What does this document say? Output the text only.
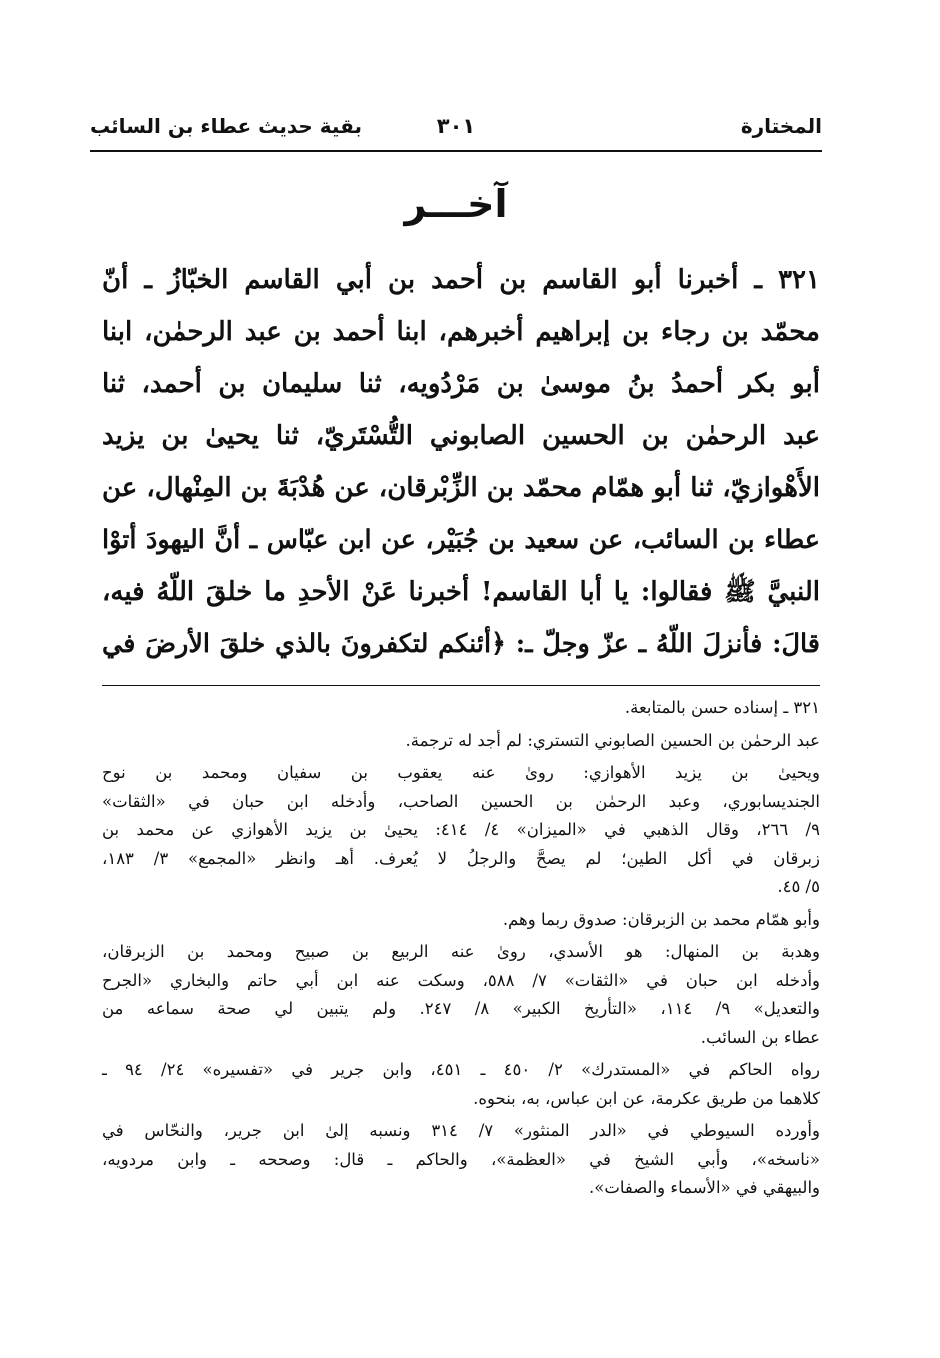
المختارة
٣٠١
بقية حديث عطاء بن السائب
آخـــر
٣٢١ ـ أخبرنا أبو القاسم بن أحمد بن أبي القاسم الخبّازُ ـ أنّ
محمّد بن رجاء بن إبراهيم أخبرهم، ابنا أحمد بن عبد الرحمٰن، ابنا
أبو بكر أحمدُ بنُ موسىٰ بن مَرْدُويه، ثنا سليمان بن أحمد، ثنا
عبد الرحمٰن بن الحسين الصابوني التُّسْتَريّ، ثنا يحيىٰ بن يزيد
الأَهْوازيّ، ثنا أبو همّام محمّد بن الزِّبْرقان، عن هُدْبَةَ بن المِنْهال، عن
عطاء بن السائب، عن سعيد بن جُبَيْر، عن ابن عبّاس ـ أنَّ اليهودَ أتوْا
النبيَّ ﷺ فقالوا: يا أبا القاسم! أخبرنا عَنْ الأحدِ ما خلقَ اللّهُ فيه،
قالَ: فأنزلَ اللّهُ ـ عزّ وجلّ ـ: ﴿أئنكم لتكفرونَ بالذي خلقَ الأرضَ في
٣٢١ ـ إسناده حسن بالمتابعة.
عبد الرحمٰن بن الحسين الصابوني التستري: لم أجد له ترجمة.
ويحيىٰ بن يزيد الأهوازي: روىٰ عنه يعقوب بن سفيان ومحمد بن نوح
الجنديسابوري، وعبد الرحمٰن بن الحسين الصاحب، وأدخله ابن حبان في «الثقات»
٩/ ٢٦٦، وقال الذهبي في «الميزان» ٤/ ٤١٤: يحيىٰ بن يزيد الأهوازي عن محمد بن
زبرقان في أكل الطين؛ لم يصحَّ والرجلُ لا يُعرف. أهـ وانظر «المجمع» ٣/ ١٨٣،
٥/ ٤٥.
وأبو همّام محمد بن الزبرقان: صدوق ربما وهم.
وهدبة بن المنهال: هو الأسدي، روىٰ عنه الربيع بن صبيح ومحمد بن الزبرقان،
وأدخله ابن حبان في «الثقات» ٧/ ٥٨٨، وسكت عنه ابن أبي حاتم والبخاري «الجرح
والتعديل» ٩/ ١١٤، «التأريخ الكبير» ٨/ ٢٤٧. ولم يتبين لي صحة سماعه من
عطاء بن السائب.
رواه الحاكم في «المستدرك» ٢/ ٤٥٠ ـ ٤٥١، وابن جرير في «تفسيره» ٢٤/ ٩٤ ـ
كلاهما من طريق عكرمة، عن ابن عباس، به، بنحوه.
وأورده السيوطي في «الدر المنثور» ٧/ ٣١٤ ونسبه إلىٰ ابن جرير، والنحّاس في
«ناسخه»، وأبي الشيخ في «العظمة»، والحاكم ـ قال: وصححه ـ وابن مردويه،
والبيهقي في «الأسماء والصفات».
